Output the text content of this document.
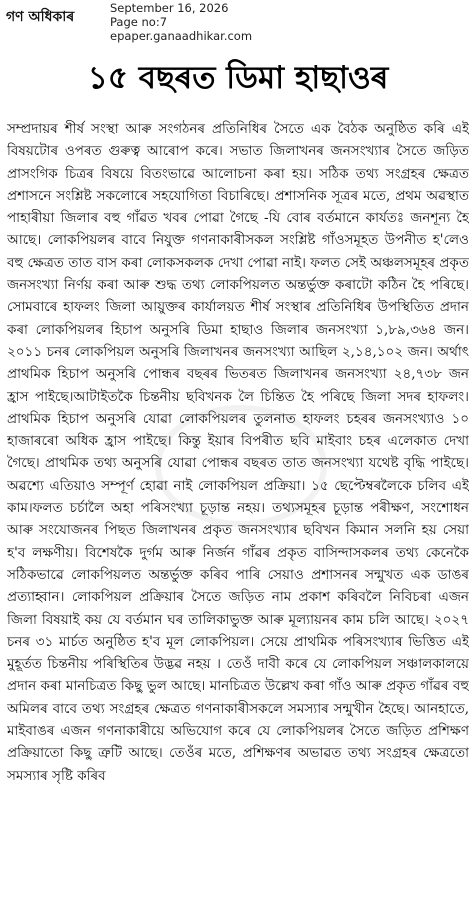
গণ অধিকাৰ
September 16, 2026
Page no:7
epaper.ganaadhikar.com
১৫ বছৰত ডিমা হাছাওৰ
সম্প্ৰদায়ৰ শীৰ্ষ সংস্থা আৰু সংগঠনৰ প্ৰতিনিধিৰ সৈতে এক বৈঠক অনুষ্ঠিত কৰি এই বিষয়টোৰ ওপৰত গুৰুত্ব আৰোপ কৰে। সভাত জিলাখনৰ জনসংখ্যাৰ সৈতে জড়িত প্ৰাসংগিক চিত্ৰৰ বিষয়ে বিতংভাৱে আলোচনা কৰা হয়। সঠিক তথ্য সংগ্ৰহৰ ক্ষেত্ৰত প্ৰশাসনে সংশ্লিষ্ট সকলোৰে সহযোগিতা বিচাৰিছে। প্ৰশাসনিক সূত্ৰৰ মতে, প্ৰথম অৱস্থাত পাহাৰীয়া জিলাৰ বহু গাঁৱত খবৰ পোৱা গৈছে -যি বোৰ বৰ্তমানে কাৰ্যতঃ জনশূন্য হৈ আছে। লোকপিয়লৰ বাবে নিযুক্ত গণনাকাৰীসকল সংশ্লিষ্ট গাঁওসমূহত উপনীত হ'লেও বহু ক্ষেত্ৰত তাত বাস কৰা লোকসকলক দেখা পোৱা নাই। ফলত সেই অঞ্চলসমূহৰ প্ৰকৃত জনসংখ্যা নিৰ্ণয় কৰা আৰু শুদ্ধ তথ্য লোকপিয়লত অন্তৰ্ভুক্ত কৰাটো কঠিন হৈ পৰিছে।সোমবাৰে হাফলং জিলা আয়ুক্তৰ কাৰ্যালয়ত শীৰ্ষ সংস্থাৰ প্ৰতিনিধিৰ উপস্থিতিত প্ৰদান কৰা লোকপিয়লৰ হিচাপ অনুসৰি ডিমা হাছাও জিলাৰ জনসংখ্যা ১,৮৯,৩৬৪ জন। ২০১১ চনৰ লোকপিয়ল অনুসৰি জিলাখনৰ জনসংখ্যা আছিল ২,১৪,১০২ জন। অৰ্থাৎ প্ৰাথমিক হিচাপ অনুসৰি পোন্ধৰ বছৰৰ ভিতৰত জিলাখনৰ জনসংখ্যা ২৪,৭৩৮ জন হ্ৰাস পাইছে।আটাইতকৈ চিন্তনীয় ছবিখনক লৈ চিন্তিত হৈ পৰিছে জিলা সদৰ হাফলং।প্ৰাথমিক হিচাপ অনুসৰি যোৱা লোকপিয়লৰ তুলনাত হাফলং চহৰৰ জনসংখ্যাও ১০ হাজাৰৰো অধিক হ্ৰাস পাইছে। কিন্তু ইয়াৰ বিপৰীত ছবি মাইবাং চহৰ এলেকাত দেখা গৈছে। প্ৰাথমিক তথ্য অনুসৰি যোৱা পোন্ধৰ বছৰত তাত জনসংখ্যা যথেষ্ট বৃদ্ধি পাইছে। অৱশ্যে এতিয়াও সম্পূৰ্ণ হোৱা নাই লোকপিয়ল প্ৰক্ৰিয়া। ১৫ ছেপ্টেম্বৰলৈকে চলিব এই কাম।ফলত চৰ্চালৈ অহা পৰিসংখ্যা চূড়ান্ত নহয়। তথ্যসমূহৰ চূড়ান্ত পৰীক্ষণ, সংশোধন আৰু সংযোজনৰ পিছত জিলাখনৰ প্ৰকৃত জনসংখ্যাৰ ছবিখন কিমান সলনি হয় সেয়া হ'ব লক্ষণীয়। বিশেষকৈ দুৰ্গম আৰু নিৰ্জন গাঁৱৰ প্ৰকৃত বাসিন্দাসকলৰ তথ্য কেনেকৈ সঠিকভাৱে লোকপিয়লত অন্তৰ্ভুক্ত কৰিব পাৰি সেয়াও প্ৰশাসনৰ সন্মুখত এক ডাঙৰ প্ৰত্যাহ্বান। লোকপিয়ল প্ৰক্ৰিয়াৰ সৈতে জড়িত নাম প্ৰকাশ কৰিবলৈ নিবিচৰা এজন জিলা বিষয়াই কয় যে বৰ্তমান ঘৰ তালিকাভুক্ত আৰু মূল্যায়নৰ কাম চলি আছে। ২০২৭ চনৰ ৩১ মাৰ্চত অনুষ্ঠিত হ'ব মূল লোকপিয়ল। সেয়ে প্ৰাথমিক পৰিসংখ্যাৰ ভিত্তিত এই মুহূৰ্তত চিন্তনীয় পৰিস্থিতিৰ উদ্ভৱ নহয় । তেওঁ দাবী কৰে যে লোকপিয়ল সঞ্চালকালয়ে প্ৰদান কৰা মানচিত্ৰত কিছু ভুল আছে। মানচিত্ৰত উল্লেখ কৰা গাঁও আৰু প্ৰকৃত গাঁৱৰ বহু অমিলৰ বাবে তথ্য সংগ্ৰহৰ ক্ষেত্ৰত গণনাকাৰীসকলে সমস্যাৰ সন্মুখীন হৈছে। আনহাতে, মাইবাঙৰ এজন গণনাকাৰীয়ে অভিযোগ কৰে যে লোকপিয়লৰ সৈতে জড়িত প্ৰশিক্ষণ প্ৰক্ৰিয়াতো কিছু ত্ৰুটি আছে। তেওঁৰ মতে, প্ৰশিক্ষণৰ অভাৱত তথ্য সংগ্ৰহৰ ক্ষেত্ৰতো সমস্যাৰ সৃষ্টি কৰিব
